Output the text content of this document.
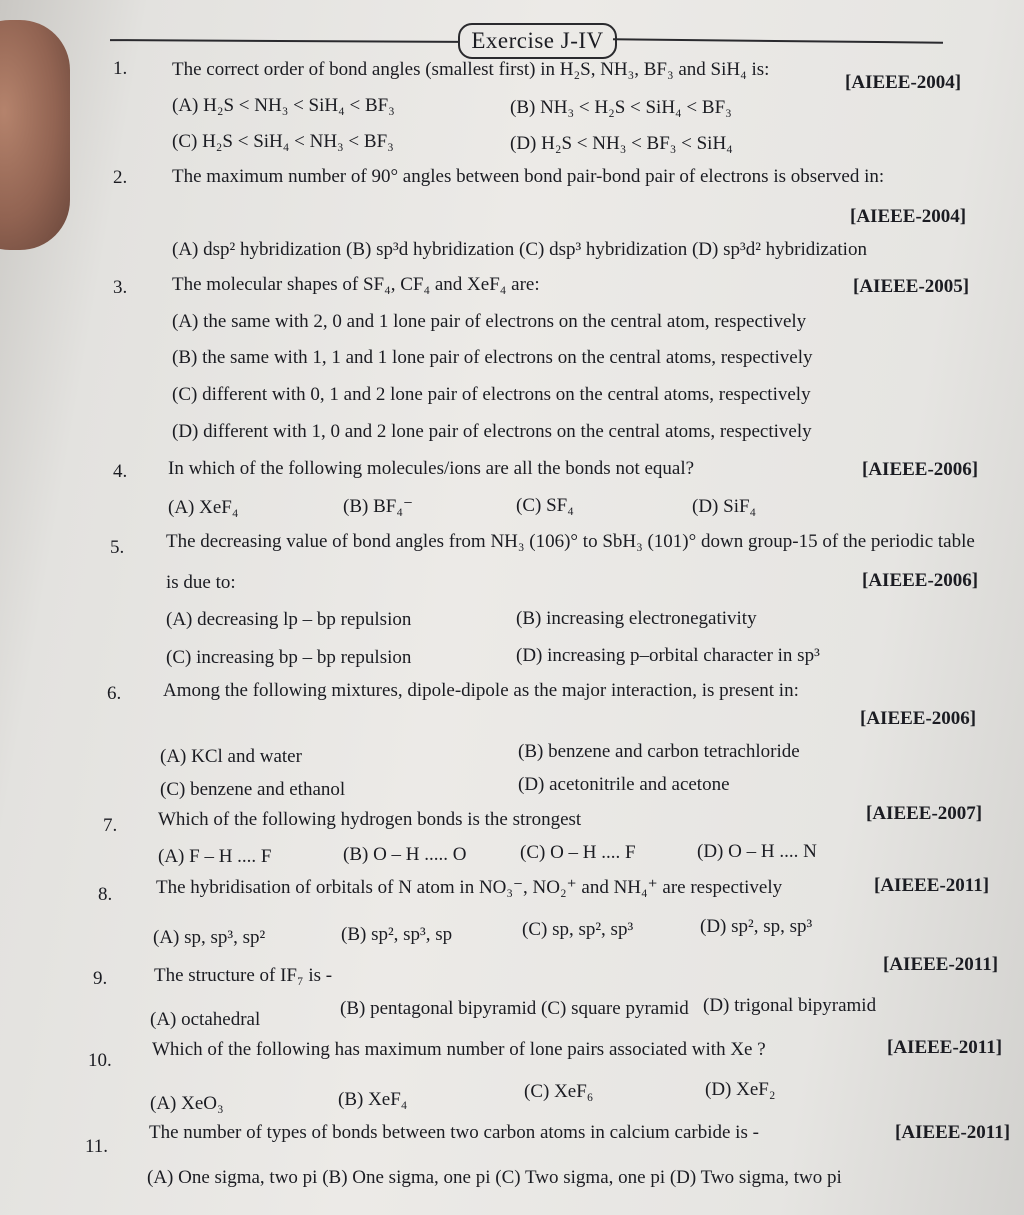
Exercise J-IV
1. The correct order of bond angles (smallest first) in H₂S, NH₃, BF₃ and SiH₄ is:
[AIEEE-2004]
(A) H₂S < NH₃ < SiH₄ < BF₃	(B) NH₃ < H₂S < SiH₄ < BF₃
(C) H₂S < SiH₄ < NH₃ < BF₃	(D) H₂S < NH₃ < BF₃ < SiH₄
2. The maximum number of 90° angles between bond pair-bond pair of electrons is observed in:
[AIEEE-2004]
(A) dsp² hybridization (B) sp³d hybridization (C) dsp³ hybridization (D) sp³d² hybridization
3. The molecular shapes of SF₄, CF₄ and XeF₄ are:	[AIEEE-2005]
(A) the same with 2, 0 and 1 lone pair of electrons on the central atom, respectively
(B) the same with 1, 1 and 1 lone pair of electrons on the central atoms, respectively
(C) different with 0, 1 and 2 lone pair of electrons on the central atoms, respectively
(D) different with 1, 0 and 2 lone pair of electrons on the central atoms, respectively
4. In which of the following molecules/ions are all the bonds not equal?	[AIEEE-2006]
(A) XeF₄	(B) BF₄⁻	(C) SF₄	(D) SiF₄
5. The decreasing value of bond angles from NH₃ (106)° to SbH₃ (101)° down group-15 of the periodic table
is due to:	[AIEEE-2006]
(A) decreasing lp – bp repulsion	(B) increasing electronegativity
(C) increasing bp – bp repulsion	(D) increasing p–orbital character in sp³
6. Among the following mixtures, dipole-dipole as the major interaction, is present in:
[AIEEE-2006]
(A) KCl and water	(B) benzene and carbon tetrachloride
(C) benzene and ethanol	(D) acetonitrile and acetone
7. Which of the following hydrogen bonds is the strongest	[AIEEE-2007]
(A) F – H .... F	(B) O – H ..... O	(C) O – H .... F	(D) O – H .... N
8. The hybridisation of orbitals of N atom in NO₃⁻, NO₂⁺ and NH₄⁺ are respectively	[AIEEE-2011]
(A) sp, sp³, sp²	(B) sp², sp³, sp	(C) sp, sp², sp³	(D) sp², sp, sp³
9. The structure of IF₇ is -
[AIEEE-2011]
(A) octahedral
(B) pentagonal bipyramid (C) square pyramid (D) trigonal bipyramid
10.
Which of the following has maximum number of lone pairs associated with Xe ?	[AIEEE-2011]
(A) XeO₃	(B) XeF₄	(C) XeF₆	(D) XeF₂
11.
The number of types of bonds between two carbon atoms in calcium carbide is -	[AIEEE-2011]
(A) One sigma, two pi (B) One sigma, one pi (C) Two sigma, one pi (D) Two sigma, two pi
